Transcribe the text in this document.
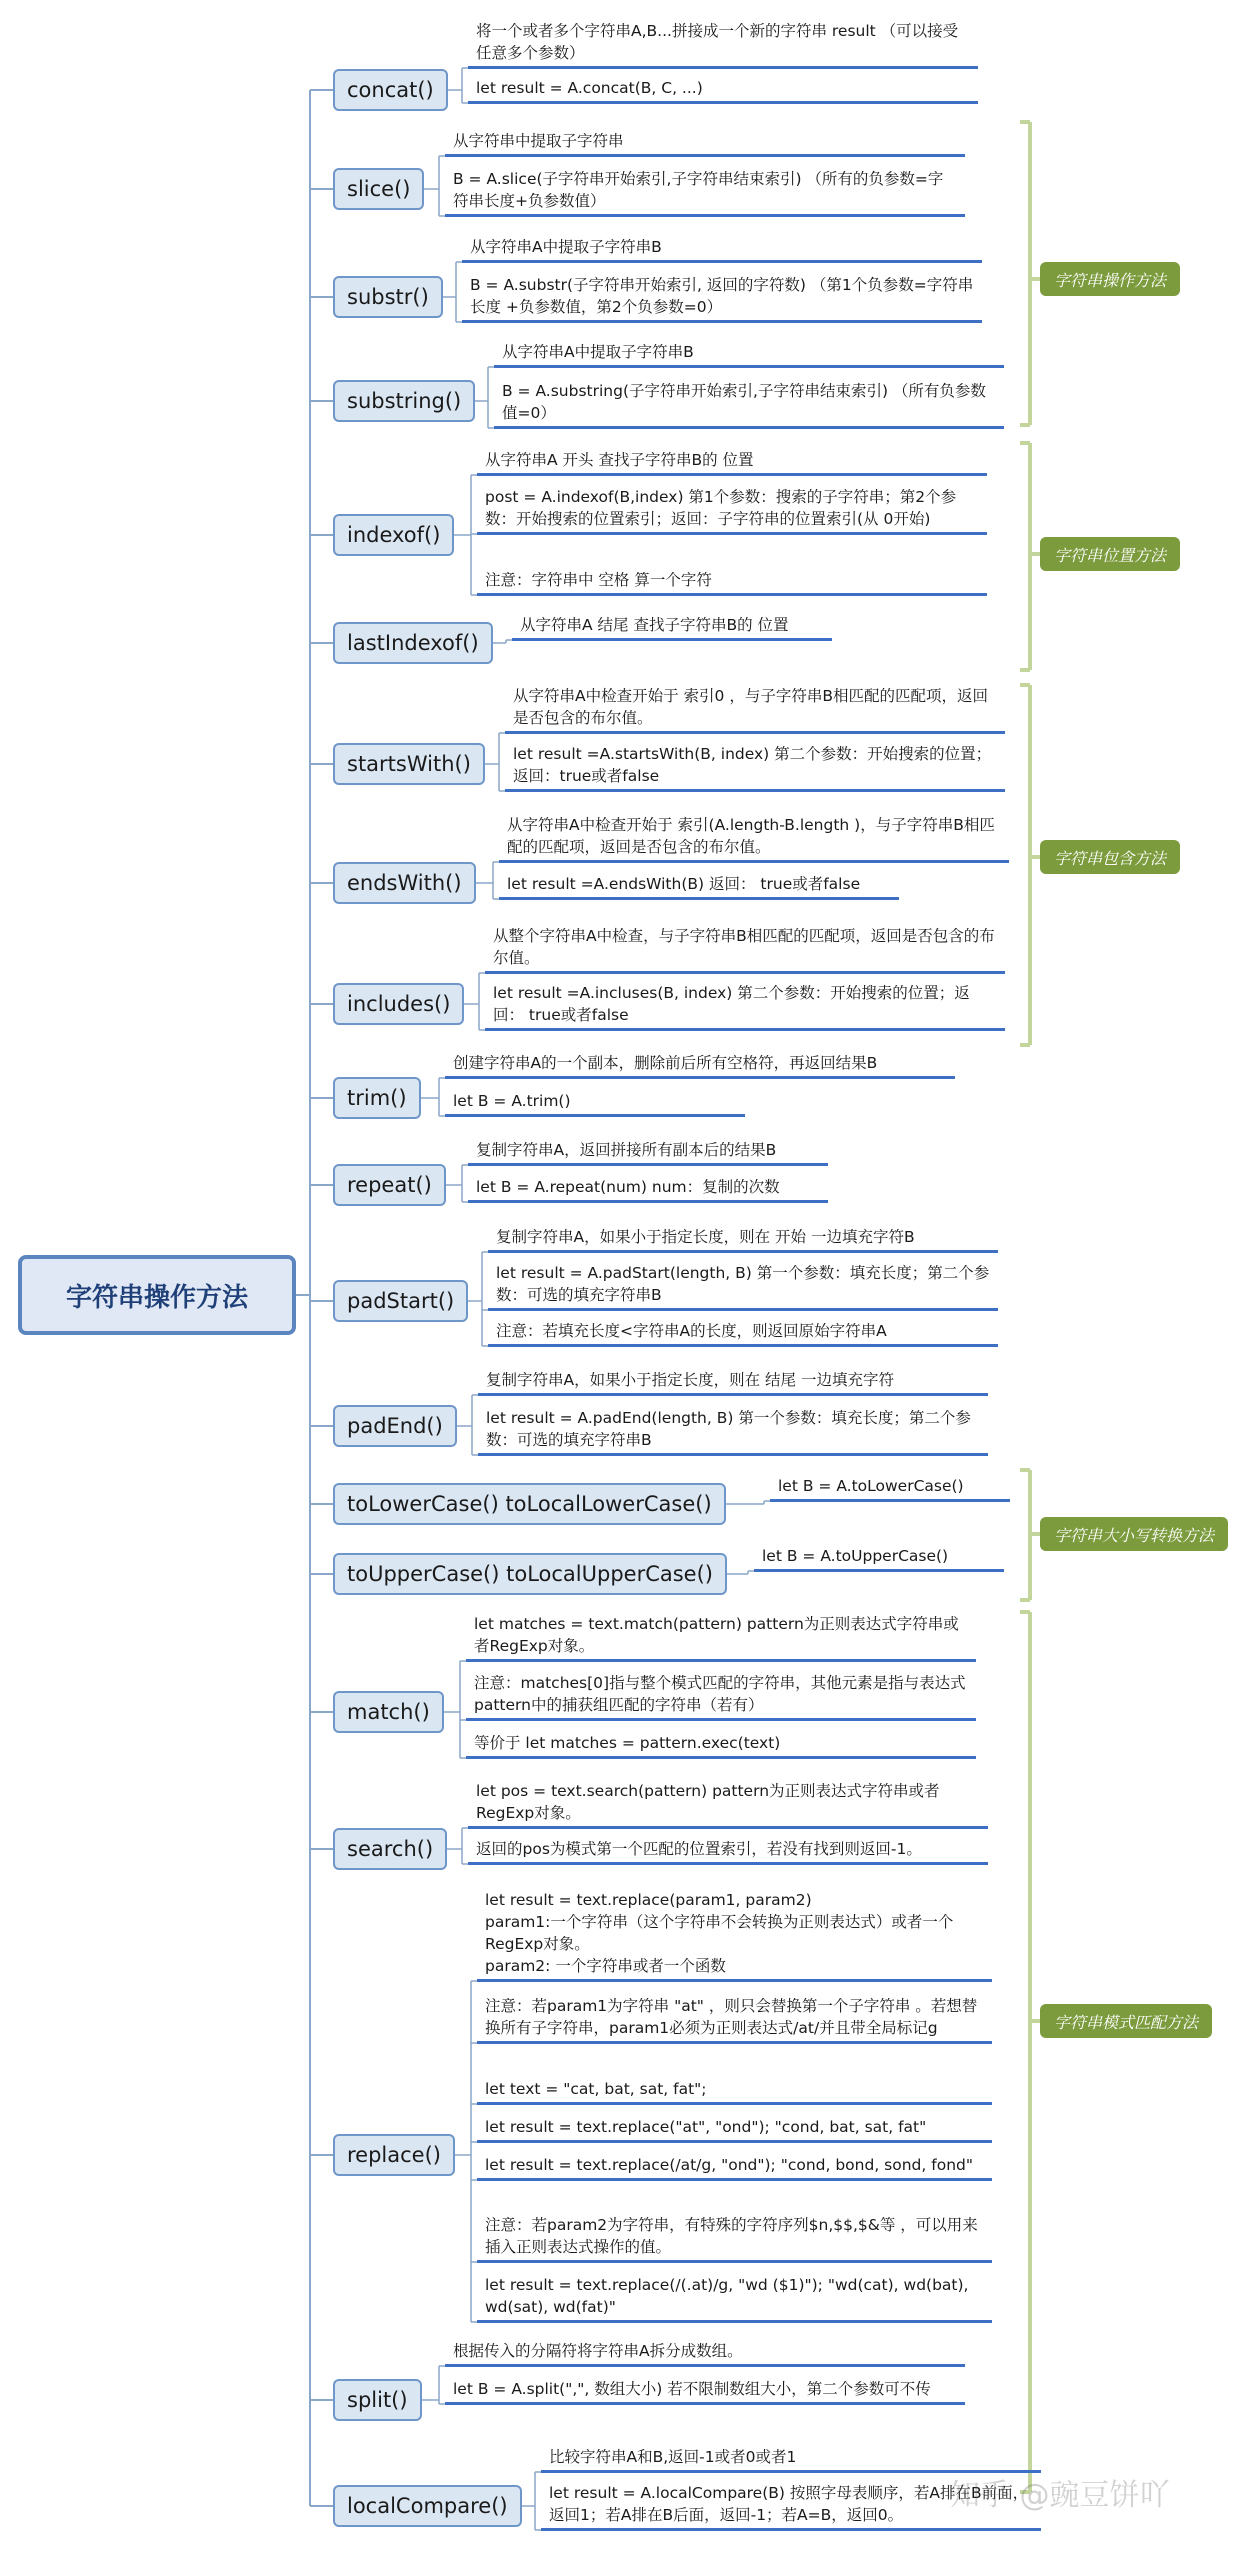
字符串操作方法
字符串操作方法
字符串位置方法
字符串包含方法
字符串大小写转换方法
字符串模式匹配方法
concat()
将一个或者多个字符串A,B...拼接成一个新的字符串 result （可以接受任意多个参数）
let result = A.concat(B, C, ...)
slice()
从字符串中提取子字符串
B = A.slice(子字符串开始索引,子字符串结束索引) （所有的负参数=字符串长度+负参数值）
substr()
从字符串A中提取子字符串B
B = A.substr(子字符串开始索引, 返回的字符数) （第1个负参数=字符串长度 +负参数值，第2个负参数=0）
substring()
从字符串A中提取子字符串B
B = A.substring(子字符串开始索引,子字符串结束索引) （所有负参数值=0）
indexof()
从字符串A 开头 查找子字符串B的 位置
post = A.indexof(B,index) 第1个参数：搜索的子字符串；第2个参数：开始搜索的位置索引；返回：子字符串的位置索引(从 0开始)
注意：字符串中 空格 算一个字符
lastIndexof()
从字符串A 结尾 查找子字符串B的 位置
startsWith()
从字符串A中检查开始于 索引0 ，与子字符串B相匹配的匹配项，返回是否包含的布尔值。
let result =A.startsWith(B, index) 第二个参数：开始搜索的位置；返回：true或者false
endsWith()
从字符串A中检查开始于 索引(A.length-B.length )，与子字符串B相匹配的匹配项，返回是否包含的布尔值。
let result =A.endsWith(B) 返回： true或者false
includes()
从整个字符串A中检查，与子字符串B相匹配的匹配项，返回是否包含的布尔值。
let result =A.incluses(B, index) 第二个参数：开始搜索的位置；返回： true或者false
trim()
创建字符串A的一个副本，删除前后所有空格符，再返回结果B
let B = A.trim()
repeat()
复制字符串A，返回拼接所有副本后的结果B
let B = A.repeat(num) num：复制的次数
padStart()
复制字符串A，如果小于指定长度，则在 开始 一边填充字符B
let result = A.padStart(length, B) 第一个参数：填充长度；第二个参数：可选的填充字符串B
注意：若填充长度<字符串A的长度，则返回原始字符串A
padEnd()
复制字符串A，如果小于指定长度，则在 结尾 一边填充字符
let result = A.padEnd(length, B) 第一个参数：填充长度；第二个参数：可选的填充字符串B
toLowerCase() toLocalLowerCase()
let B = A.toLowerCase()
toUpperCase() toLocalUpperCase()
let B = A.toUpperCase()
match()
let matches = text.match(pattern) pattern为正则表达式字符串或者RegExp对象。
注意：matches[0]指与整个模式匹配的字符串，其他元素是指与表达式pattern中的捕获组匹配的字符串（若有）
等价于 let matches = pattern.exec(text)
search()
let pos = text.search(pattern) pattern为正则表达式字符串或者RegExp对象。
返回的pos为模式第一个匹配的位置索引，若没有找到则返回-1。
replace()
let result = text.replace(param1, param2)
param1:一个字符串（这个字符串不会转换为正则表达式）或者一个RegExp对象。
param2: 一个字符串或者一个函数
注意：若param1为字符串 "at" ，则只会替换第一个子字符串 。若想替换所有子字符串，param1必须为正则表达式/at/并且带全局标记g
let text = "cat, bat, sat, fat";
let result = text.replace("at", "ond"); "cond, bat, sat, fat"
let result = text.replace(/at/g, "ond"); "cond, bond, sond, fond"
注意：若param2为字符串，有特殊的字符序列$n,$$,$&等 ，可以用来插入正则表达式操作的值。
let result = text.replace(/(.at)/g, "wd ($1)"); "wd(cat), wd(bat), wd(sat), wd(fat)"
split()
根据传入的分隔符将字符串A拆分成数组。
let B = A.split(",", 数组大小) 若不限制数组大小，第二个参数可不传
localCompare()
比较字符串A和B,返回-1或者0或者1
let result = A.localCompare(B) 按照字母表顺序，若A排在B前面，返回1；若A排在B后面，返回-1；若A=B，返回0。
知乎 @豌豆饼吖
